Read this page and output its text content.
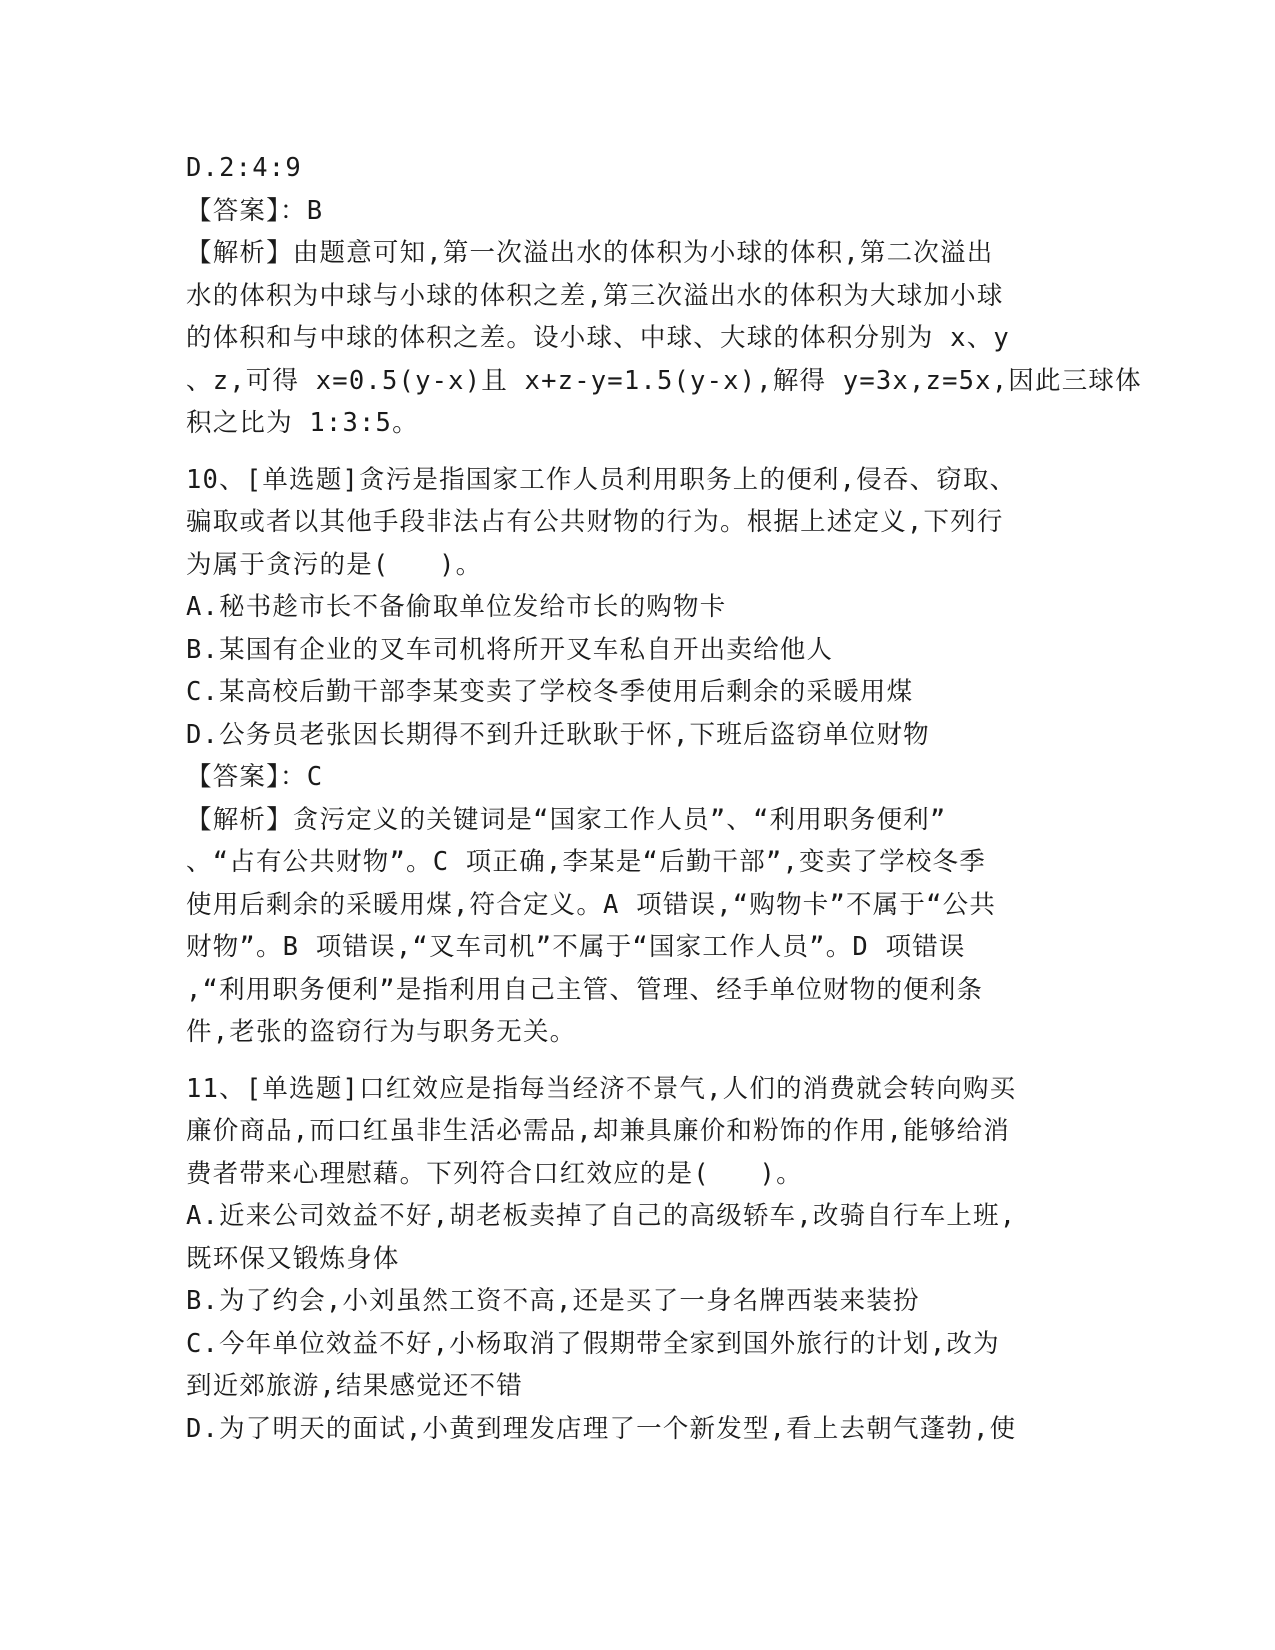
D.2:4:9
【答案】：B
【解析】由题意可知,第一次溢出水的体积为小球的体积,第二次溢出
水的体积为中球与小球的体积之差,第三次溢出水的体积为大球加小球
的体积和与中球的体积之差。设小球、中球、大球的体积分别为 x、y
、z,可得 x=0.5(y-x)且 x+z-y=1.5(y-x),解得 y=3x,z=5x,因此三球体
积之比为 1:3:5。
10、[单选题]贪污是指国家工作人员利用职务上的便利,侵吞、窃取、
骗取或者以其他手段非法占有公共财物的行为。根据上述定义,下列行
为属于贪污的是(   )。
A.秘书趁市长不备偷取单位发给市长的购物卡
B.某国有企业的叉车司机将所开叉车私自开出卖给他人
C.某高校后勤干部李某变卖了学校冬季使用后剩余的采暖用煤
D.公务员老张因长期得不到升迁耿耿于怀,下班后盗窃单位财物
【答案】：C
【解析】贪污定义的关键词是“国家工作人员”、“利用职务便利”
、“占有公共财物”。C 项正确,李某是“后勤干部”,变卖了学校冬季
使用后剩余的采暖用煤,符合定义。A 项错误,“购物卡”不属于“公共
财物”。B 项错误,“叉车司机”不属于“国家工作人员”。D 项错误
,“利用职务便利”是指利用自己主管、管理、经手单位财物的便利条
件,老张的盗窃行为与职务无关。
11、[单选题]口红效应是指每当经济不景气,人们的消费就会转向购买
廉价商品,而口红虽非生活必需品,却兼具廉价和粉饰的作用,能够给消
费者带来心理慰藉。下列符合口红效应的是(   )。
A.近来公司效益不好,胡老板卖掉了自己的高级轿车,改骑自行车上班,
既环保又锻炼身体
B.为了约会,小刘虽然工资不高,还是买了一身名牌西装来装扮
C.今年单位效益不好,小杨取消了假期带全家到国外旅行的计划,改为
到近郊旅游,结果感觉还不错
D.为了明天的面试,小黄到理发店理了一个新发型,看上去朝气蓬勃,使
